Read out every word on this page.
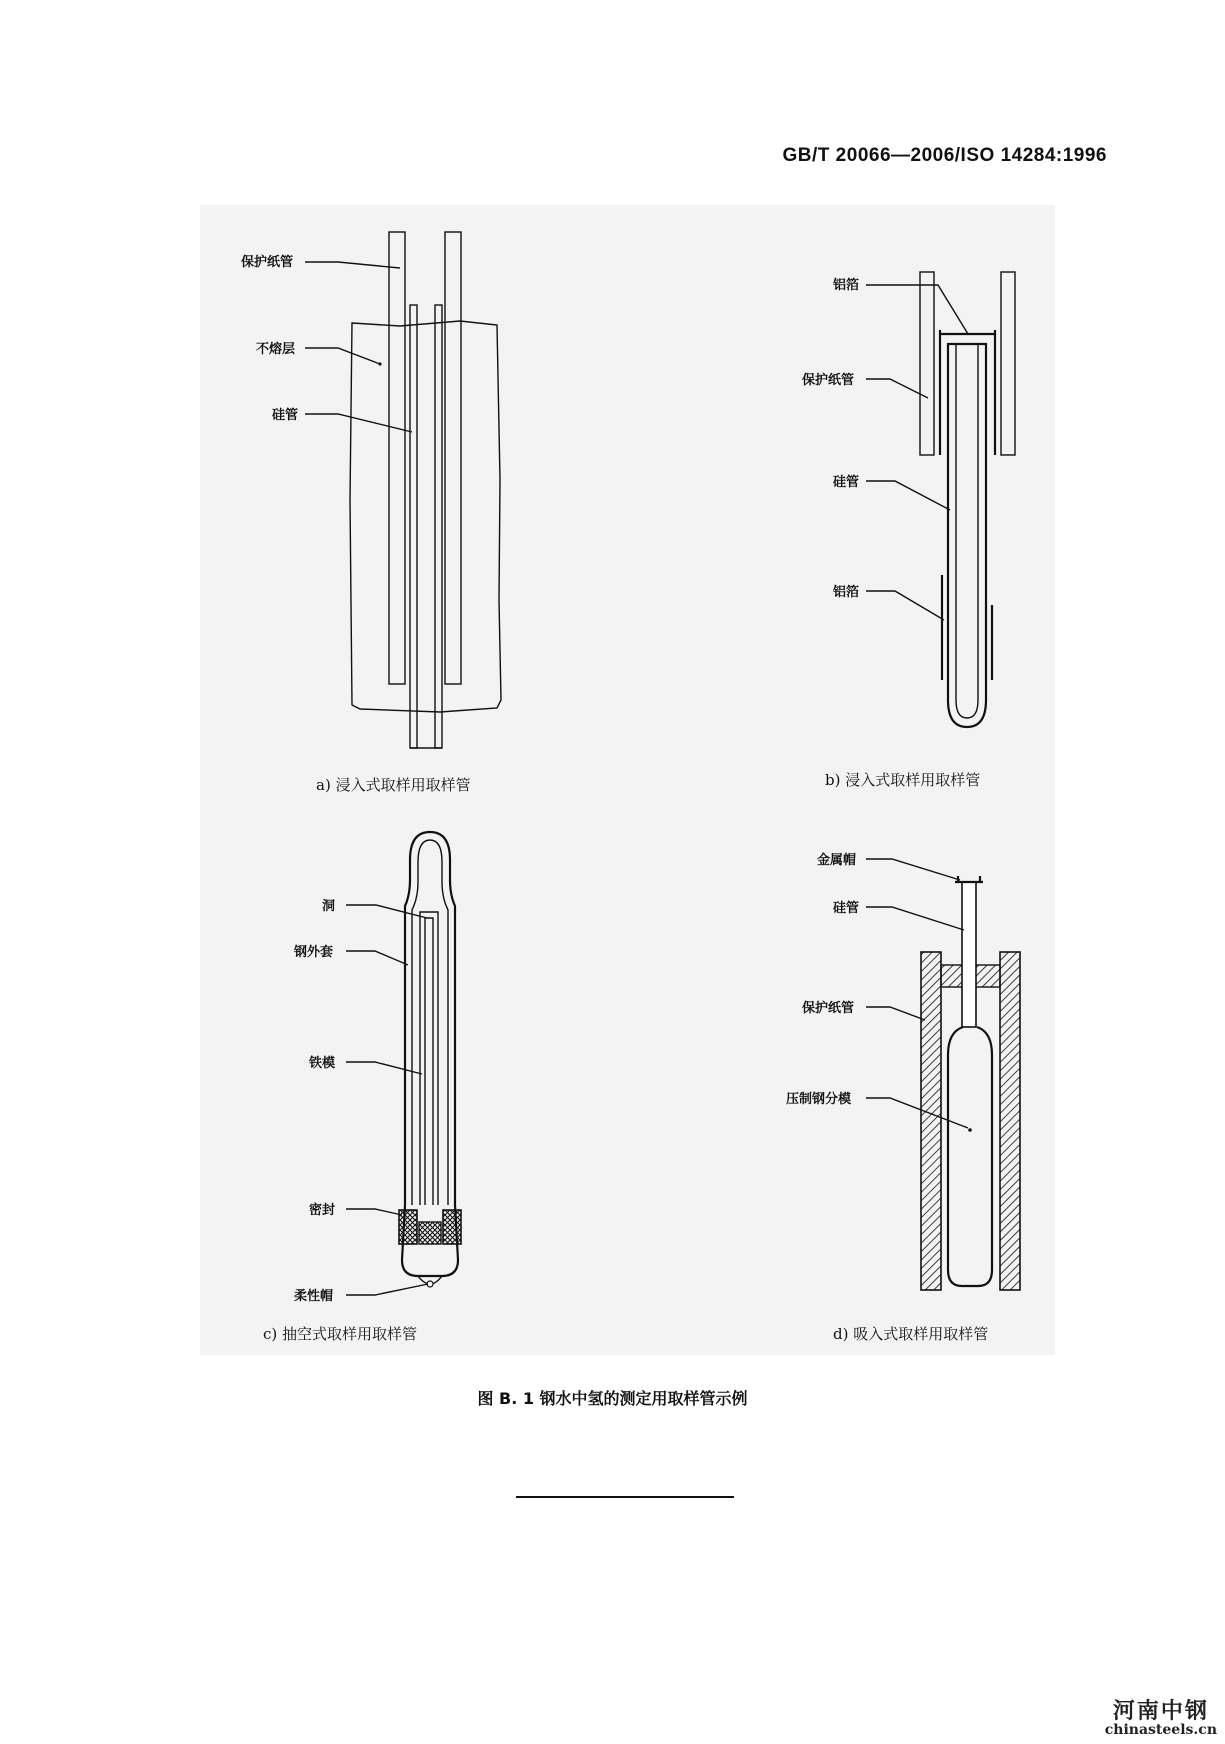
GB/T 20066—2006/ISO 14284:1996
保护纸管
不熔层
硅管
a) 浸入式取样用取样管
铝箔
保护纸管
硅管
铝箔
b) 浸入式取样用取样管
洞
钢外套
铁模
密封
柔性帽
c) 抽空式取样用取样管
金属帽
硅管
保护纸管
压制钢分模
d) 吸入式取样用取样管
图 B. 1 钢水中氢的测定用取样管示例
河南中钢
chinasteels.cn
